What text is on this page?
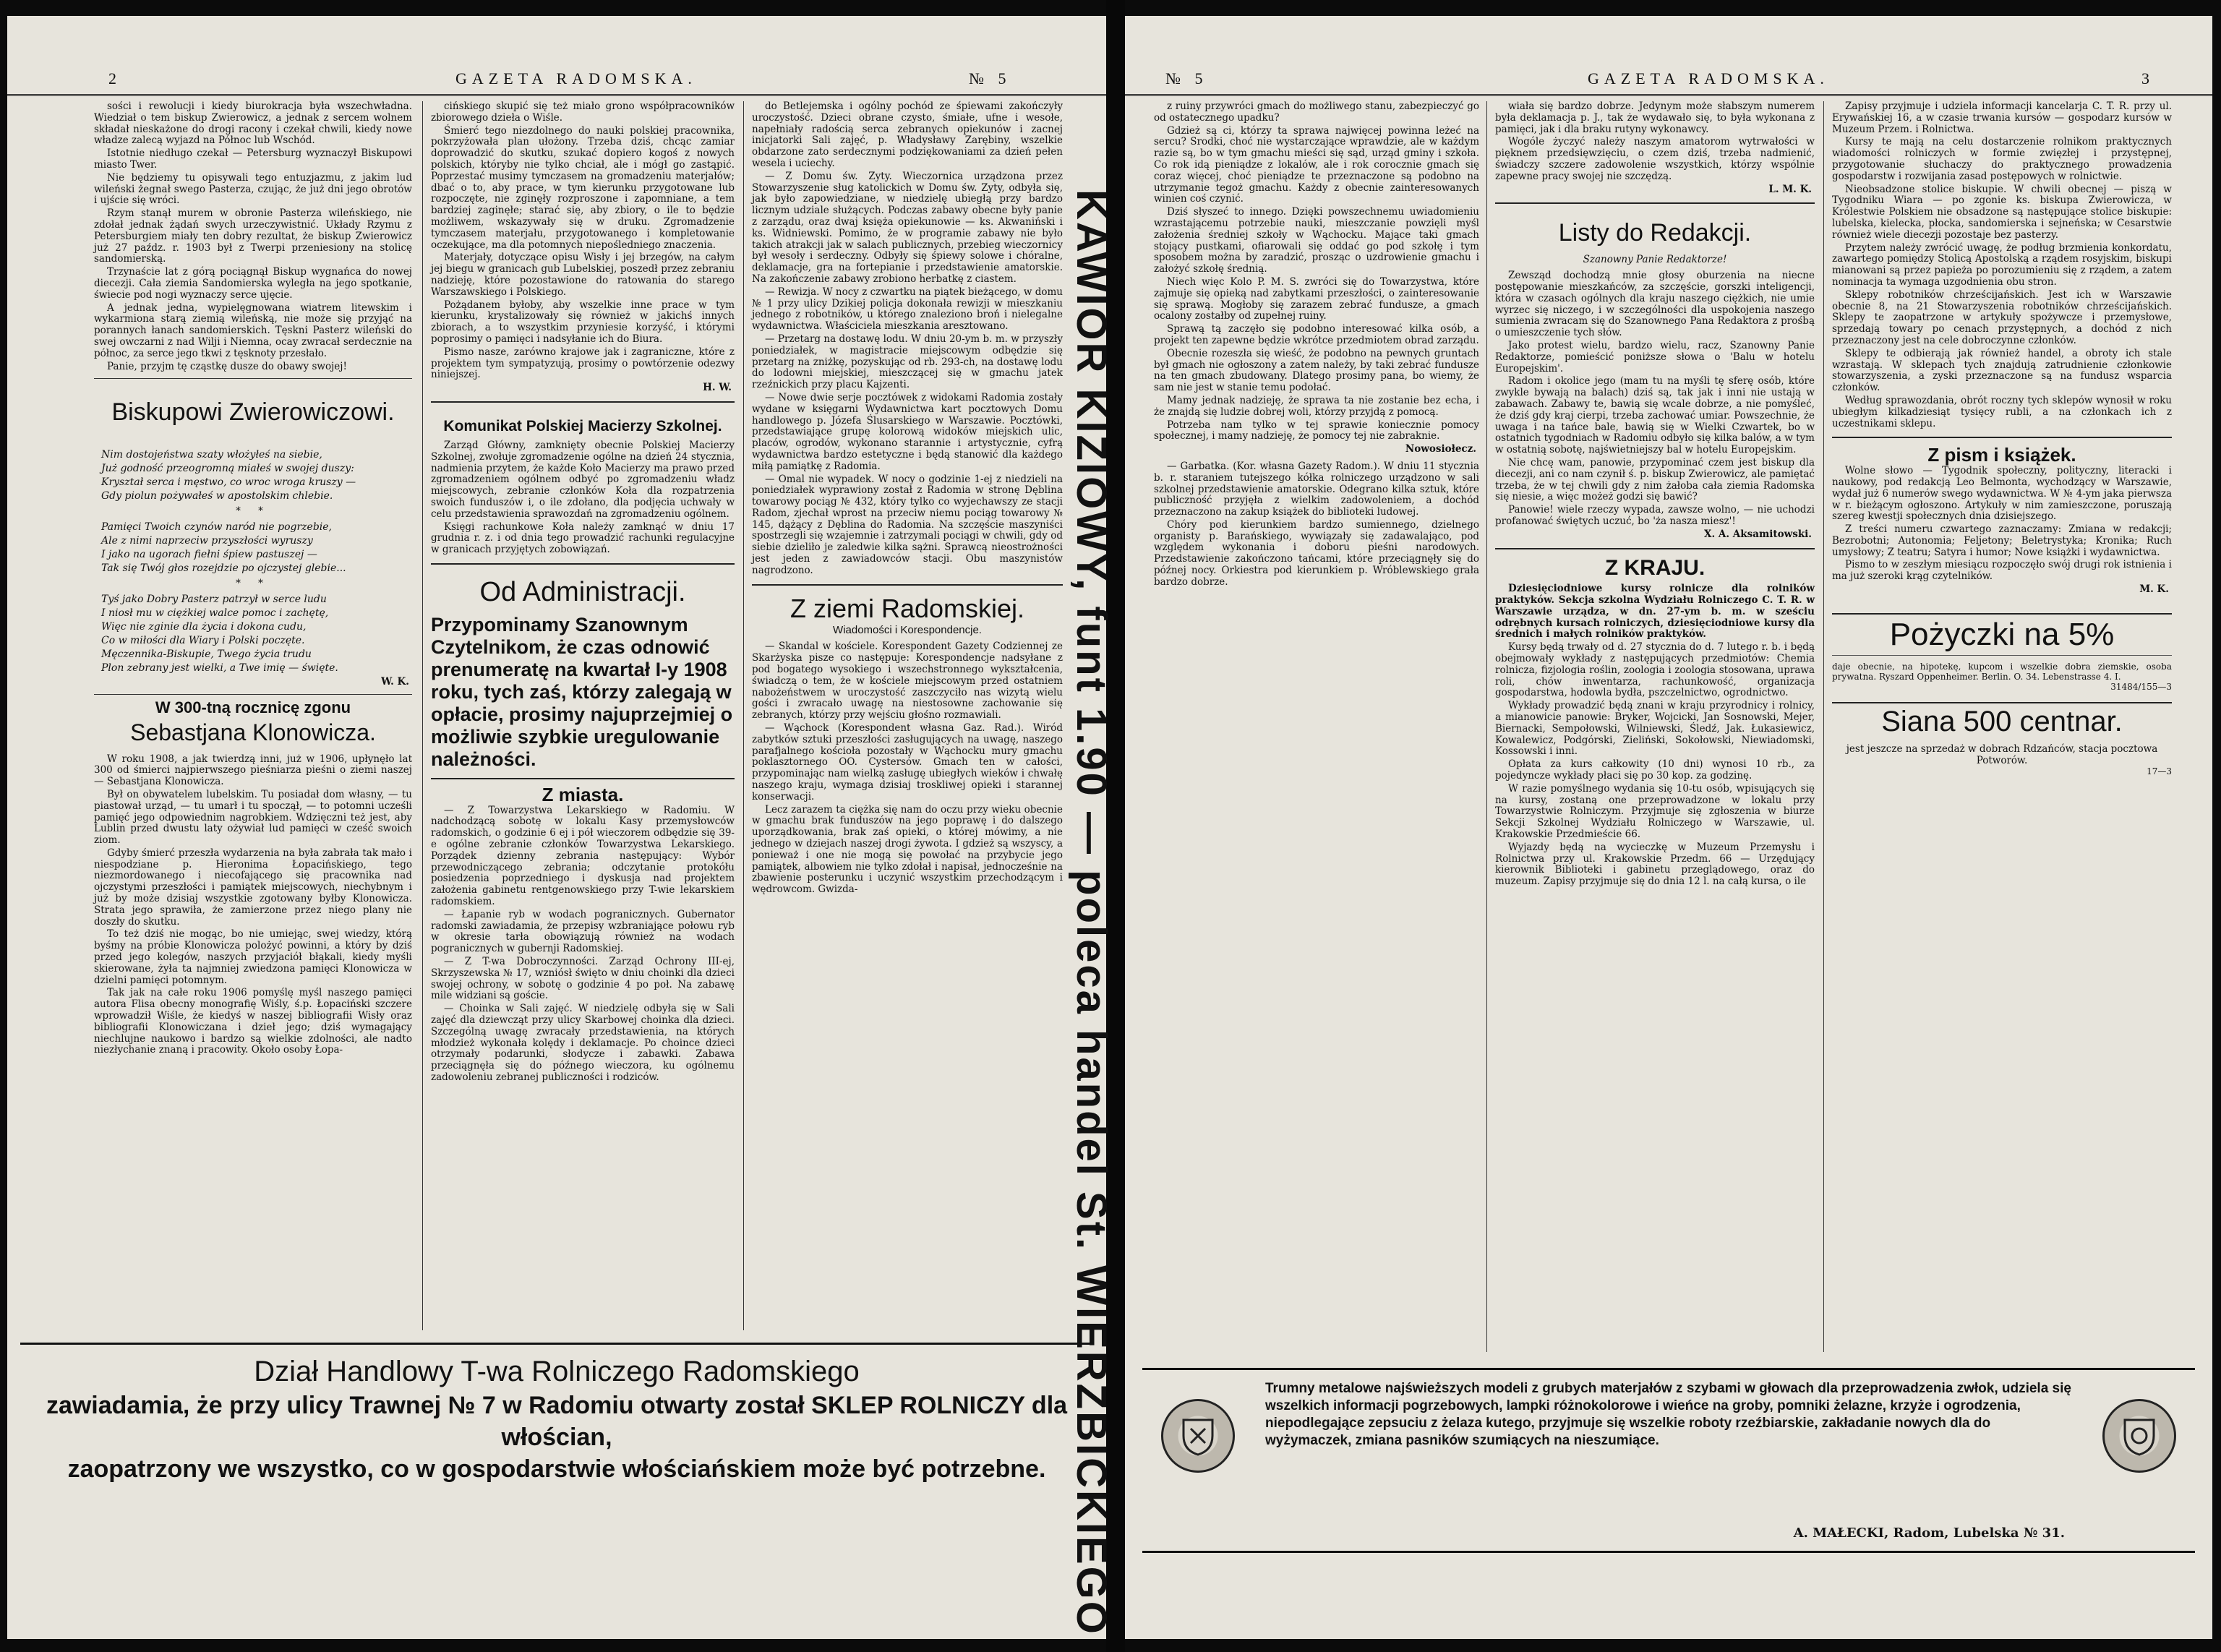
2	GAZETA RADOMSKA.	№ 5

sości i rewolucji i kiedy biurokracja była wszechwładna. Wiedział o tem biskup Zwierowicz, a jednak z sercem wolnem składał nieskażone do drogi racony i czekał chwili, kiedy nowe władze zalecą wyjazd na Północ lub Wschód.

Istotnie niedługo czekał — Petersburg wyznaczył Biskupowi miasto Twer.

Nie będziemy tu opisywali tego entuzjazmu, z jakim lud wileński żegnał swego Pasterza, czując, że już dni jego obrotów i ujście się wróci.

Rzym stanął murem w obronie Pasterza wileńskiego, nie zdołał jednak żądań swych urzeczywistnić. Układy Rzymu z Petersburgiem miały ten dobry rezultat, że biskup Zwierowicz już 27 paźdz. r. 1903 był z Twerpi przeniesiony na stolicę sandomierską.

Trzynaście lat z górą pociągnął Biskup wygnańca do nowej diecezji. Cała ziemia Sandomierska wyległa na jego spotkanie, świecie pod nogi wyznaczy serce ujęcie.

A jednak jedna, wypielęgnowana wiatrem litewskim i wykarmiona starą ziemią wileńską, nie może się przyjąć na porannych łanach sandomierskich. Tęskni Pasterz wileński do swej owczarni z nad Wilji i Niemna, ocay zwracał serdecznie na północ, za serce jego tkwi z tęsknoty przesłało.

Panie, przyjm tę cząstkę dusze do obawy swojej!

Biskupowi Zwierowiczowi.
Nim dostojeństwa szaty włożyłeś na siebie,
Już godność przeogromną miałeś w swojej duszy:
Kryształ serca i męstwo, co wroc wroga kruszy —
Gdy piolun pożywałeś w apostolskim chlebie.
* *
Pamięci Twoich czynów naród nie pogrzebie,
Ale z nimi naprzeciw przyszłości wyruszy
I jako na ugorach fiełni śpiew pastuszej —
Tak się Twój głos rozejdzie po ojczystej glebie...
* *
Tyś jako Dobry Pasterz patrzył w serce ludu
I niosł mu w ciężkiej walce pomoc i zachętę,
Więc nie zginie dla życia i dokona cudu,
Co w miłości dla Wiary i Polski poczęte.
Męczennika-Biskupie, Twego życia trudu
Plon zebrany jest wielki, a Twe imię — święte.
W. K.
W 300-tną rocznicę zgonu
Sebastjana Klonowicza.

W roku 1908, a jak twierdzą inni, już w 1906, upłynęło lat 300 od śmierci najpierwszego pieśniarza pieśni o ziemi naszej — Sebastjana Klonowicza.

Był on obywatelem lubelskim. Tu posiadał dom własny, — tu piastował urząd, — tu umarł i tu spoczął, — to potomni ucześli pamięć jego odpowiednim nagrobkiem. Wdzięczni też jest, aby Lublin przed dwustu laty ożywiał lud pamięci w cześć swoich ziom.

Gdyby śmierć przeszła wydarzenia na była zabrała tak mało i niespodziane p. Hieronima Łopacińskiego, tego niezmordowanego i niecofającego się pracownika nad ojczystymi przeszłości i pamiątek miejscowych, niechybnym i już by może dzisiaj wszystkie zgotowany byłby Klonowicza. Strata jego sprawiła, że zamierzone przez niego plany nie doszły do skutku.

To też dziś nie mogąc, bo nie umiejąc, swej wiedzy, którą byśmy na próbie Klonowicza polożyć powinni, a który by dziś przed jego kolegów, naszych przyjaciół błąkali, kiedy myśli skierowane, żyła ta najmniej zwiedzona pamięci Klonowicza w dzielni pamięci potomnym.

Tak jak na całe roku 1906 pomyślę myśl naszego pamięci autora Flisa obecny monografię Wiśly, ś.p. Łopaciński szczere wprowadził Wiśle, że kiedyś w naszej bibliografii Wisły oraz bibliografii Klonowiczana i dzieł jego; dziś wymagający niechlujne naukowo i bardzo są wielkie zdolności, ale nadto niezłychanie znaną i pracowity. Około osoby Łopa-

cińskiego skupić się też miało grono współpracowników zbiorowego dzieła o Wiśle.

Śmierć tego niezdolnego do nauki polskiej pracownika, pokrzyżowała plan ułożony. Trzeba dziś, chcąc zamiar doprowadzić do skutku, szukać dopiero kogoś z nowych polskich, któryby nie tylko chciał, ale i mógł go zastąpić. Poprzestać musimy tymczasem na gromadzeniu materjałów; dbać o to, aby prace, w tym kierunku przygotowane lub rozpoczęte, nie zginęły rozproszone i zapomniane, a tem bardziej zaginęłe; starać się, aby zbiory, o ile to będzie możliwem, wskazywały się w druku. Zgromadzenie tymczasem materjału, przygotowanego i kompletowanie oczekujące, ma dla potomnych niepośledniego znaczenia.

Materjały, dotyczące opisu Wisły i jej brzegów, na całym jej biegu w granicach gub Lubelskiej, poszedł przez zebraniu nadzieję, które pozostawione do ratowania do starego Warszawskiego i Polskiego.

Pożądanem byłoby, aby wszelkie inne prace w tym kierunku, krystalizowały się również w jakichś innych zbiorach, a to wszystkim przyniesie korzyść, i którymi poprosimy o pamięci i nadsyłanie ich do Biura.

Pismo nasze, zarówno krajowe jak i zagraniczne, które z projektem tym sympatyzują, prosimy o powtórzenie odezwy niniejszej.

H. W.
Komunikat Polskiej Macierzy Szkolnej.

Zarząd Główny, zamknięty obecnie Polskiej Macierzy Szkolnej, zwołuje zgromadzenie ogólne na dzień 24 stycznia, nadmienia przytem, że każde Koło Macierzy ma prawo przed zgromadzeniem ogólnem odbyć po zgromadzeniu władz miejscowych, zebranie członków Koła dla rozpatrzenia swoich funduszów i, o ile zdołano, dla podjęcia uchwały w celu przedstawienia sprawozdań na zgromadzeniu ogólnem.

Księgi rachunkowe Koła należy zamknąć w dniu 17 grudnia r. z. i od dnia tego prowadzić rachunki regulacyjne w granicach przyjętych zobowiązań.

Od Administracji.
Przypominamy Szanownym Czytelnikom, że czas odnowić prenumeratę na kwartał I-y 1908 roku, tych zaś, którzy zalegają w opłacie, prosimy najuprzejmiej o możliwie szybkie uregulowanie należności.
Z miasta.

— Z Towarzystwa Lekarskiego w Radomiu. W nadchodzącą sobotę w lokalu Kasy przemysłowców radomskich, o godzinie 6 ej i pół wieczorem odbędzie się 39-e ogólne zebranie członków Towarzystwa Lekarskiego. Porządek dzienny zebrania następujący: Wybór przewodniczącego zebrania; odczytanie protokółu posiedzenia poprzedniego i dyskusja nad projektem założenia gabinetu rentgenowskiego przy T-wie lekarskiem radomskiem.

— Łapanie ryb w wodach pogranicznych. Gubernator radomski zawiadamia, że przepisy wzbraniające połowu ryb w okresie tarła obowiązują również na wodach pogranicznych w gubernji Radomskiej.

— Z T-wa Dobroczynności. Zarząd Ochrony III-ej, Skrzyszewska № 17, wzniósł święto w dniu choinki dla dzieci swojej ochrony, w sobotę o godzinie 4 po poł. Na zabawę mile widziani są goście.

— Choinka w Sali zajęć. W niedzielę odbyła się w Sali zajęć dla dziewcząt przy ulicy Skarbowej choinka dla dzieci. Szczególną uwagę zwracały przedstawienia, na których młodzież wykonała kolędy i deklamacje. Po choince dzieci otrzymały podarunki, słodycze i zabawki. Zabawa przeciągnęła się do późnego wieczora, ku ogólnemu zadowoleniu zebranej publiczności i rodziców.

do Betlejemska i ogólny pochód ze śpiewami zakończyły uroczystość. Dzieci obrane czysto, śmiałe, ufne i wesołe, napełniały radością serca zebranych opiekunów i zacnej inicjatorki Sali zajęć, p. Władysławy Zarębiny, wszelkie obdarzone zato serdecznymi podziękowaniami za dzień pełen wesela i uciechy.

— Z Domu św. Zyty. Wieczornica urządzona przez Stowarzyszenie sług katolickich w Domu św. Zyty, odbyła się, jak było zapowiedziane, w niedzielę ubiegłą przy bardzo licznym udziale służących. Podczas zabawy obecne były panie z zarządu, oraz dwaj księża opiekunowie — ks. Akwaniński i ks. Widniewski. Pomimo, że w programie zabawy nie było takich atrakcji jak w salach publicznych, przebieg wieczornicy był wesoły i serdeczny. Odbyły się śpiewy solowe i chóralne, deklamacje, gra na fortepianie i przedstawienie amatorskie. Na zakończenie zabawy zrobiono herbatkę z ciastem.

— Rewizja. W nocy z czwartku na piątek bieżącego, w domu № 1 przy ulicy Dzikiej policja dokonała rewizji w mieszkaniu jednego z robotników, u którego znaleziono broń i nielegalne wydawnictwa. Właściciela mieszkania aresztowano.

— Przetarg na dostawę lodu. W dniu 20-ym b. m. w przyszły poniedziałek, w magistracie miejscowym odbędzie się przetarg na zniżkę, pozyskując od rb. 293-ch, na dostawę lodu do lodowni miejskiej, mieszczącej się w gmachu jatek rzeźnickich przy placu Kajzenti.

— Nowe dwie serje pocztówek z widokami Radomia zostały wydane w księgarni Wydawnictwa kart pocztowych Domu handlowego p. Józefa Ślusarskiego w Warszawie. Pocztówki, przedstawiające grupę kolorową widoków miejskich ulic, placów, ogrodów, wykonano starannie i artystycznie, cyfrą wydawnictwa bardzo estetyczne i będą stanowić dla każdego miłą pamiątkę z Radomia.

— Omal nie wypadek. W nocy o godzinie 1-ej z niedzieli na poniedziałek wyprawiony został z Radomia w stronę Dęblina towarowy pociąg № 432, który tylko co wyjechawszy ze stacji Radom, zjechał wprost na przeciw niemu pociąg towarowy № 145, dążący z Dęblina do Radomia. Na szczęście maszyniści spostrzegli się wzajemnie i zatrzymali pociągi w chwili, gdy od siebie dzieliło je zaledwie kilka sążni. Sprawcą nieostrożności jest jeden z zawiadowców stacji. Obu maszynistów nagrodzono.

Z ziemi Radomskiej.
Wiadomości i Korespondencje.

— Skandal w kościele. Korespondent Gazety Codziennej ze Skarżyska pisze co następuje: Korespondencje nadsyłane z pod bogatego wysokiego i wszechstronnego wykształcenia, świadczą o tem, że w kościele miejscowym przed ostatniem nabożeństwem w uroczystość zaszczyciło nas wizytą wielu gości i zwracało uwagę na niestosowne zachowanie się zebranych, którzy przy wejściu głośno rozmawiali.

— Wąchock (Korespondent własna Gaz. Rad.). Wiród zabytków sztuki przeszłości zasługujących na uwagę, naszego parafjalnego kościoła pozostały w Wąchocku mury gmachu poklasztornego OO. Cystersów. Gmach ten w całości, przypominając nam wielką zasługę ubiegłych wieków i chwałę naszego kraju, wymaga dzisiaj troskliwej opieki i starannej konserwacji.

Lecz zarazem ta ciężka się nam do oczu przy wieku obecnie w gmachu brak funduszów na jego poprawę i do dalszego uporządkowania, brak zaś opieki, o której mówimy, a nie jednego w dziejach naszej drogi żywota. I gdzież są wszyscy, a ponieważ i one nie mogą się powołać na przybycie jego pamiątek, albowiem nie tylko zdołał i napisał, jednocześnie na zbawienie posterunku i uczynić wszystkim przechodzącym i wędrowcom. Gwizda-	KAWIOR KIZIOWY, funt 1.90 — poleca handel St. WIERZBICKIEGO
Dział Handlowy T-wa Rolniczego Radomskiego
zawiadamia, że przy ulicy Trawnej № 7 w Radomiu otwarty został SKLEP ROLNICZY dla włościan,
zaopatrzony we wszystko, co w gospodarstwie włościańskiem może być potrzebne.
№ 5	GAZETA RADOMSKA.	3

z ruiny przywróci gmach do możliwego stanu, zabezpieczyć go od ostatecznego upadku?

Gdzież są ci, którzy ta sprawa najwięcej powinna leżeć na sercu? Srodki, choć nie wystarczające wprawdzie, ale w każdym razie są, bo w tym gmachu mieści się sąd, urząd gminy i szkoła. Co rok idą pieniądze z lokalów, ale i rok corocznie gmach się coraz więcej, choć pieniądze te przeznaczone są podobno na utrzymanie tegoż gmachu. Każdy z obecnie zainteresowanych winien coś czynić.

Dziś słyszeć to innego. Dzięki powszechnemu uwiadomieniu wzrastającemu potrzebie nauki, mieszczanie powzięli myśl założenia średniej szkoły w Wąchocku. Mające taki gmach stojący pustkami, ofiarowali się oddać go pod szkołę i tym sposobem można by zaradzić, prosząc o uzdrowienie gmachu i założyć szkołę średnią.

Niech więc Kolo P. M. S. zwróci się do Towarzystwa, które zajmuje się opieką nad zabytkami przeszłości, o zainteresowanie się sprawą. Mogłoby się zarazem zebrać fundusze, a gmach ocalony zostałby od zupełnej ruiny.

Sprawą tą zaczęło się podobno interesować kilka osób, a projekt ten zapewne będzie wkrótce przedmiotem obrad zarządu.

Obecnie rozeszła się wieść, że podobno na pewnych gruntach był gmach nie ogłoszony a zatem należy, by taki zebrać fundusze na ten gmach zbudowany. Dlatego prosimy pana, bo wiemy, że sam nie jest w stanie temu podołać.

Mamy jednak nadzieję, że sprawa ta nie zostanie bez echa, i że znajdą się ludzie dobrej woli, którzy przyjdą z pomocą.

Potrzeba nam tylko w tej sprawie koniecznie pomocy społecznej, i mamy nadzieję, że pomocy tej nie zabraknie.

Nowosiołecz.

— Garbatka. (Kor. własna Gazety Radom.). W dniu 11 stycznia b. r. staraniem tutejszego kółka rolniczego urządzono w sali szkolnej przedstawienie amatorskie. Odegrano kilka sztuk, które publiczność przyjęła z wielkim zadowoleniem, a dochód przeznaczono na zakup książek do biblioteki ludowej.

Chóry pod kierunkiem bardzo sumiennego, dzielnego organisty p. Barańskiego, wywiązały się zadawalająco, pod względem wykonania i doboru pieśni narodowych. Przedstawienie zakończono tańcami, które przeciągnęły się do późnej nocy. Orkiestra pod kierunkiem p. Wróblewskiego grała bardzo dobrze.

wiała się bardzo dobrze. Jedynym może słabszym numerem była deklamacja p. J., tak że wydawało się, to była wykonana z pamięci, jak i dla braku rutyny wykonawcy.

Wogóle życzyć należy naszym amatorom wytrwałości w pięknem przedsięwzięciu, o czem dziś, trzeba nadmienić, świadczy szczere zadowolenie wszystkich, którzy wspólnie zapewne pracy swojej nie szczędzą.

L. M. K.
Listy do Redakcji.
Szanowny Panie Redaktorze!

Zewsząd dochodzą mnie głosy oburzenia na niecne postępowanie mieszkańców, za szczęście, gorszki inteligencji, która w czasach ogólnych dla kraju naszego ciężkich, nie umie wyrzec się niczego, i w szczególności dla uspokojenia naszego sumienia zwracam się do Szanownego Pana Redaktora z prośbą o umieszczenie tych słów.

Jako protest wielu, bardzo wielu, racz, Szanowny Panie Redaktorze, pomieścić poniższe słowa o 'Balu w hotelu Europejskim'.

Radom i okolice jego (mam tu na myśli tę sferę osób, które zwykle bywają na balach) dziś są, tak jak i inni nie ustają w zabawach. Zabawy te, bawią się wcale dobrze, a nie pomyśleć, że dziś gdy kraj cierpi, trzeba zachować umiar. Powszechnie, że uwaga i na tańce bale, bawią się w Wielki Czwartek, bo w ostatnich tygodniach w Radomiu odbyło się kilka balów, a w tym w ostatnią sobotę, najświetniejszy bal w hotelu Europejskim.

Nie chcę wam, panowie, przypominać czem jest biskup dla diecezji, ani co nam czynił ś. p. biskup Zwierowicz, ale pamiętać trzeba, że w tej chwili gdy z nim żałoba cała ziemia Radomska się niesie, a więc możeż godzi się bawić?

Panowie! wiele rzeczy wypada, zawsze wolno, — nie uchodzi profanować świętych uczuć, bo 'ża nasza miesz'!

X. A. Aksamitowski.
Z KRAJU.

Dziesięciodniowe kursy rolnicze dla rolników praktyków. Sekcja szkolna Wydziału Rolniczego C. T. R. w Warszawie urządza, w dn. 27-ym b. m. w sześciu odrębnych kursach rolniczych, dziesięciodniowe kursy dla średnich i małych rolników praktyków.

Kursy będą trwały od d. 27 stycznia do d. 7 lutego r. b. i będą obejmowały wykłady z następujących przedmiotów: Chemia rolnicza, fizjologia roślin, zoologia i zoologia stosowana, uprawa roli, chów inwentarza, rachunkowość, organizacja gospodarstwa, hodowla bydła, pszczelnictwo, ogrodnictwo.

Wykłady prowadzić będą znani w kraju przyrodnicy i rolnicy, a mianowicie panowie: Bryker, Wojcicki, Jan Sosnowski, Mejer, Biernacki, Sempołowski, Wilniewski, Śledź, Jak. Łukasiewicz, Kowalewicz, Podgórski, Zieliński, Sokołowski, Niewiadomski, Kossowski i inni.

Opłata za kurs całkowity (10 dni) wynosi 10 rb., za pojedyncze wykłady płaci się po 30 kop. za godzinę.

W razie pomyślnego wydania się 10-tu osób, wpisujących się na kursy, zostaną one przeprowadzone w lokalu przy Towarzystwie Rolniczym. Przyjmuje się zgłoszenia w biurze Sekcji Szkolnej Wydziału Rolniczego w Warszawie, ul. Krakowskie Przedmieście 66.

Wyjazdy będą na wycieczkę w Muzeum Przemysłu i Rolnictwa przy ul. Krakowskie Przedm. 66 — Urzędujący kierownik Biblioteki i gabinetu przeglądowego, oraz do muzeum. Zapisy przyjmuje się do dnia 12 l. na całą kursa, o ile

Zapisy przyjmuje i udziela informacji kancelarja C. T. R. przy ul. Erywańskiej 16, a w czasie trwania kursów — gospodarz kursów w Muzeum Przem. i Rolnictwa.

Kursy te mają na celu dostarczenie rolnikom praktycznych wiadomości rolniczych w formie zwięzłej i przystępnej, przygotowanie słuchaczy do praktycznego prowadzenia gospodarstw i rozwijania zasad postępowych w rolnictwie.

Nieobsadzone stolice biskupie. W chwili obecnej — piszą w Tygodniku Wiara — po zgonie ks. biskupa Zwierowicza, w Królestwie Polskiem nie obsadzone są następujące stolice biskupie: lubelska, kielecka, płocka, sandomierska i sejneńska; w Cesarstwie również wiele diecezji pozostaje bez pasterzy.

Przytem należy zwrócić uwagę, że podług brzmienia konkordatu, zawartego pomiędzy Stolicą Apostolską a rządem rosyjskim, biskupi mianowani są przez papieża po porozumieniu się z rządem, a zatem nominacja ta wymaga uzgodnienia obu stron.

Sklepy robotników chrześcijańskich. Jest ich w Warszawie obecnie 8, na 21 Stowarzyszenia robotników chrześcijańskich. Sklepy te zaopatrzone w artykuły spożywcze i przemysłowe, sprzedają towary po cenach przystępnych, a dochód z nich przeznaczony jest na cele dobroczynne członków.

Sklepy te odbierają jak również handel, a obroty ich stale wzrastają. W sklepach tych znajdują zatrudnienie członkowie stowarzyszenia, a zyski przeznaczone są na fundusz wsparcia członków.

Według sprawozdania, obrót roczny tych sklepów wynosił w roku ubiegłym kilkadziesiąt tysięcy rubli, a na członkach ich z uczestnikami sklepu.

Z pism i książek.

Wolne słowo — Tygodnik społeczny, polityczny, literacki i naukowy, pod redakcją Leo Belmonta, wychodzący w Warszawie, wydał już 6 numerów swego wydawnictwa. W № 4-ym jaka pierwsza w r. bieżącym ogłoszono. Artykuły w nim zamieszczone, poruszają szereg kwestji społecznych dnia dzisiejszego.

Z treści numeru czwartego zaznaczamy: Zmiana w redakcji; Bezrobotni; Autonomia; Feljetony; Beletrystyka; Kronika; Ruch umysłowy; Z teatru; Satyra i humor; Nowe książki i wydawnictwa.

Pismo to w zeszłym miesiącu rozpoczęło swój drugi rok istnienia i ma już szeroki krąg czytelników.

M. K.
Pożyczki na 5%
daje obecnie, na hipotekę, kupcom i wszelkie dobra ziemskie, osoba prywatna. Ryszard Oppenheimer. Berlin. O. 34. Lebenstrasse 4. I.
31484/155—3
Siana 500 centnar.
jest jeszcze na sprzedaż w dobrach Rdzańców, stacja pocztowa Potworów.
17—3
Trumny metalowe najświeższych modeli z grubych materjałów z szybami w głowach dla przeprowadzenia zwłok, udziela się wszelkich informacji pogrzebowych, lampki różnokolorowe i wieńce na groby, pomniki żelazne, krzyże i ogrodzenia, niepodlegające zepsuciu z żelaza kutego, przyjmuje się wszelkie roboty rzeźbiarskie, zakładanie nowych dla do wyżymaczek, zmiana pasników szumiących na nieszumiące.
A. MAŁECKI, Radom, Lubelska № 31.
